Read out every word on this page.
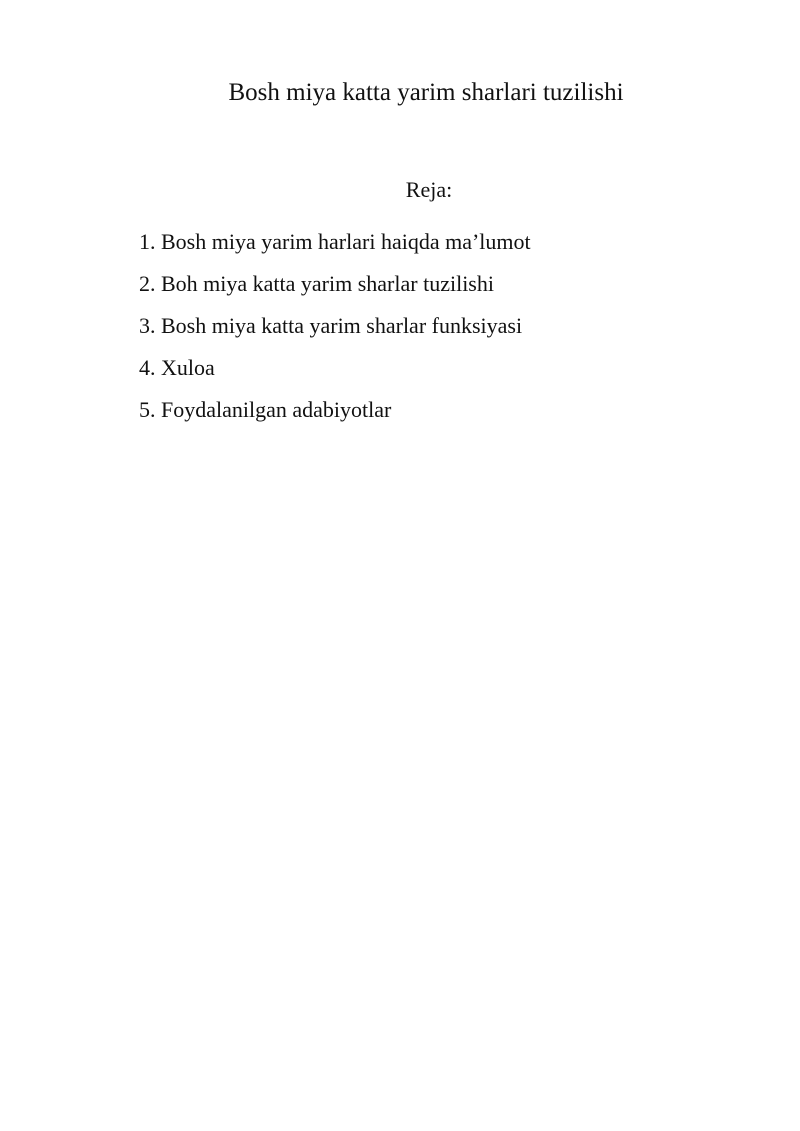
Bosh miya katta yarim sharlari tuzilishi
Reja:
1. Bosh miya yarim harlari haiqda ma’lumot
2. Boh miya katta yarim sharlar tuzilishi
3. Bosh miya katta yarim sharlar funksiyasi
4. Xuloa
5. Foydalanilgan adabiyotlar
